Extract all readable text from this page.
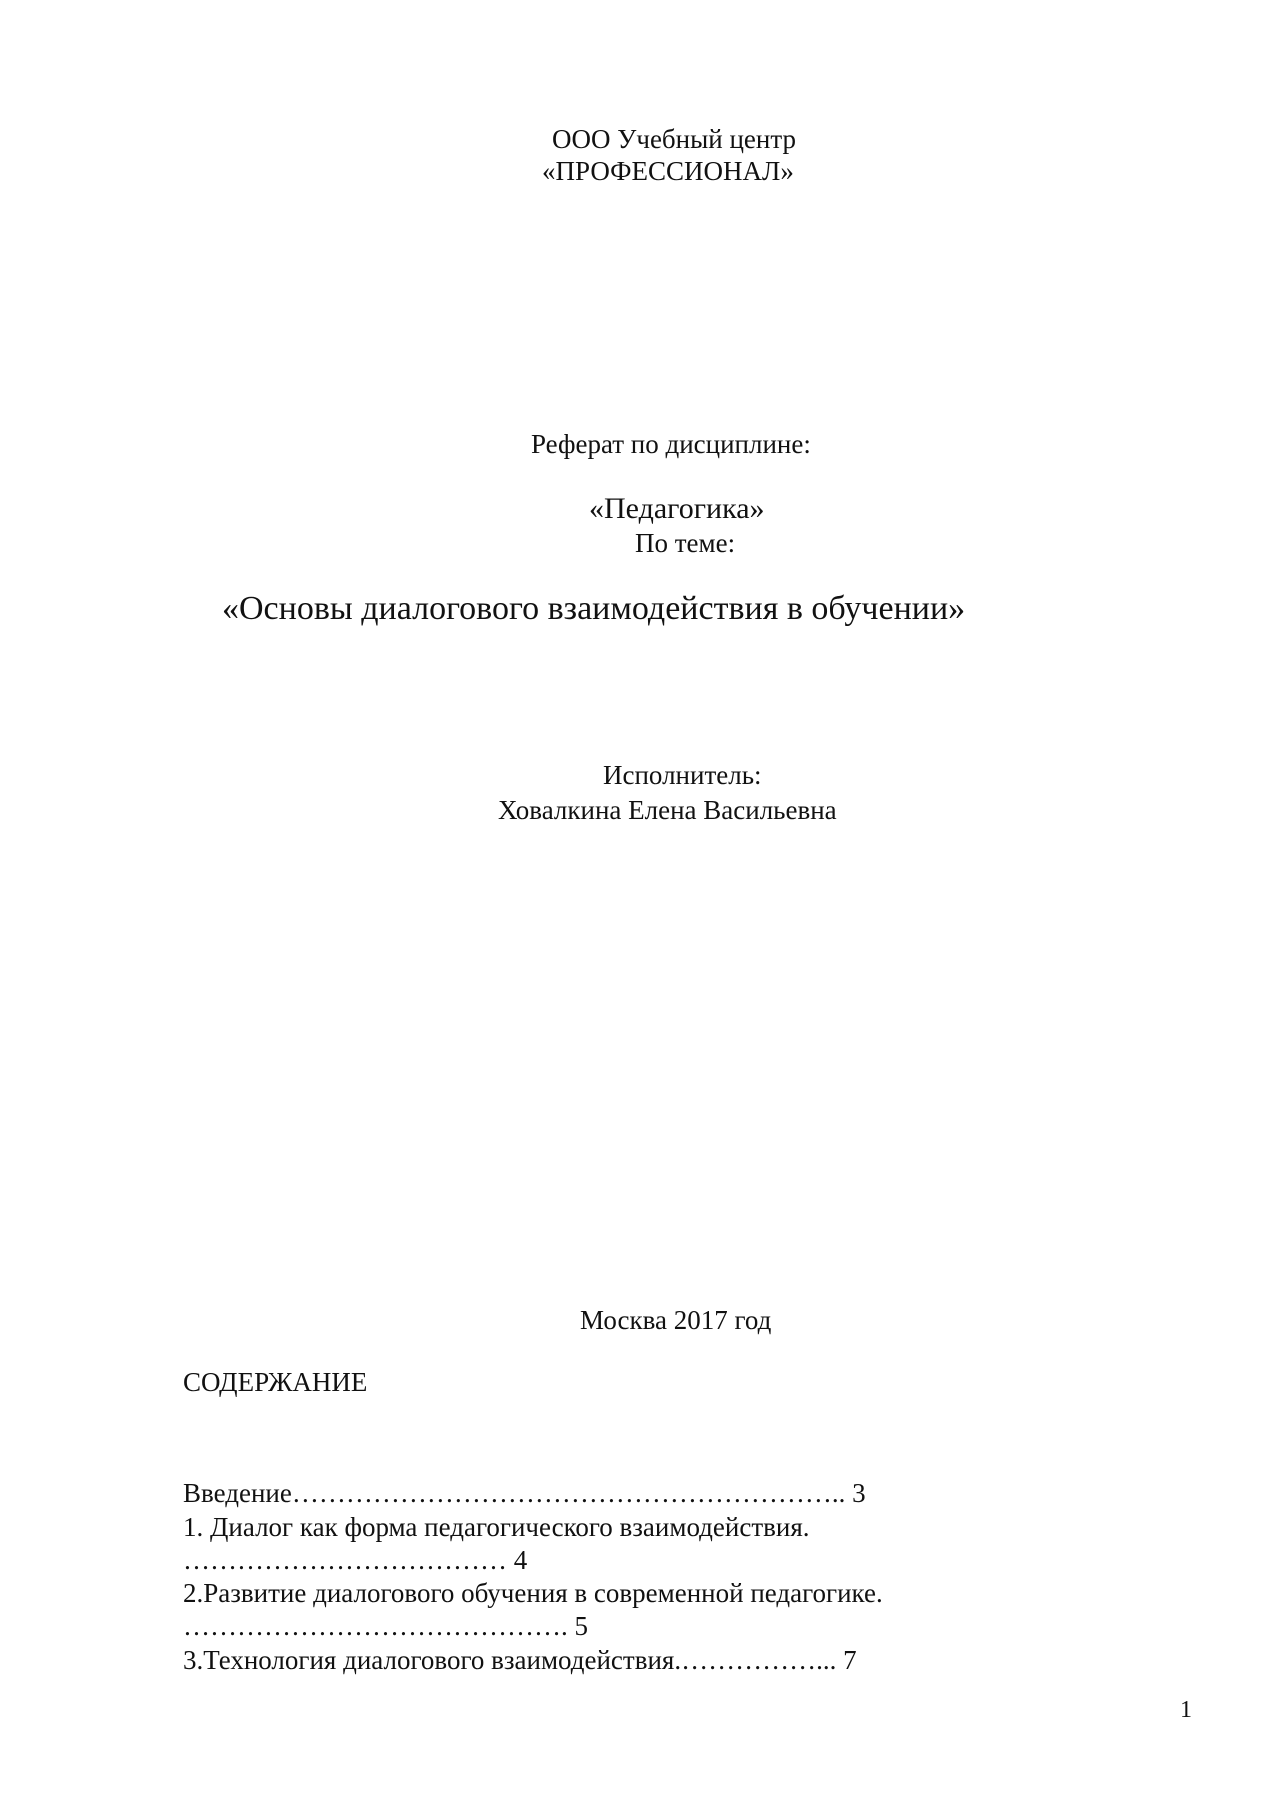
ООО Учебный центр
«ПРОФЕССИОНАЛ»
Реферат по дисциплине:
«Педагогика»
По теме:
«Основы диалогового взаимодействия в обучении»
Исполнитель:
Ховалкина Елена Васильевна
Москва 2017 год
СОДЕРЖАНИЕ
Введение…………………………………………………….. 3
1. Диалог как форма педагогического взаимодействия.
……………………………… 4
2.Развитие диалогового обучения в современной педагогике.
……………………………………. 5
3.Технология диалогового взаимодействия.……………... 7
1
